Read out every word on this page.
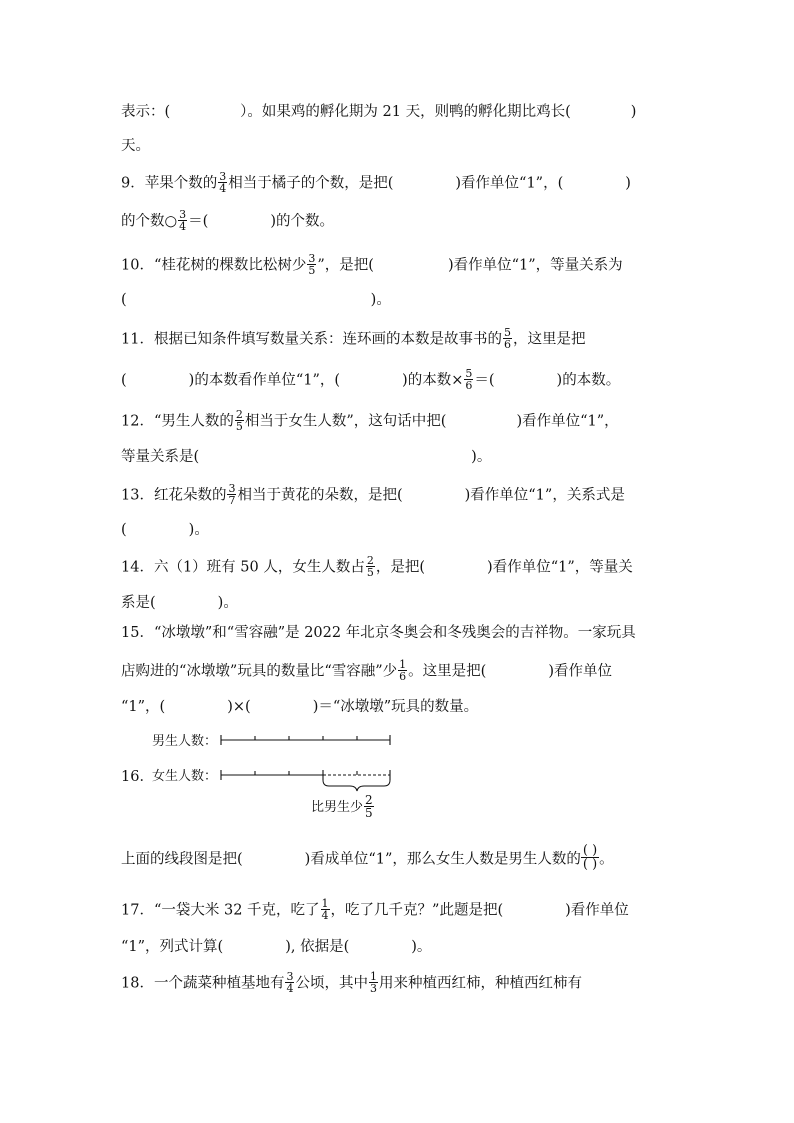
表示：(	）。如果鸡的孵化期为 21 天，则鸭的孵化期比鸡长(	)
天。
9．苹果个数的 $\frac{3}{4}$ 相当于橘子的个数，是把(	)看作单位“1”，(	)
的个数○ $\frac{3}{4}$ ＝(	)的个数。
10．“桂花树的棵数比松树少 $\frac{3}{5}$ ”，是把(	)看作单位“1”，等量关系为
(	)。
11．根据已知条件填写数量关系：连环画的本数是故事书的 $\frac{5}{6}$ ，这里是把
(	)的本数看作单位“1”，(	)的本数× $\frac{5}{6}$ ＝(	)的本数。
12．“男生人数的 $\frac{2}{5}$ 相当于女生人数”，这句话中把(	)看作单位“1”，
等量关系是(	)。
13．红花朵数的 $\frac{3}{7}$ 相当于黄花的朵数，是把(	)看作单位“1”，关系式是
(	)。
14．六（1）班有 50 人，女生人数占 $\frac{2}{5}$ ，是把(	)看作单位“1”，等量关
系是(	)。
15．“冰墩墩”和“雪容融”是 2022 年北京冬奥会和冬残奥会的吉祥物。一家玩具
店购进的“冰墩墩”玩具的数量比“雪容融”少 $\frac{1}{6}$ 。这里是把(	)看作单位
“1”，(	)×(	)＝“冰墩墩”玩具的数量。
上面的线段图是把(	)看成单位“1”，那么女生人数是男生人数的
( )
( ) 。
17．“一袋大米 32 千克，吃了 $\frac{1}{4}$ ，吃了几千克？”此题是把(	)看作单位
“1”，列式计算(	), 依据是(	)。
18．一个蔬菜种植基地有 $\frac{3}{4}$ 公顷，其中 $\frac{1}{3}$ 用来种植西红柿，种植西红柿有
男生人数：
16．
女生人数：
比男生少 $\frac{2}{5}$
